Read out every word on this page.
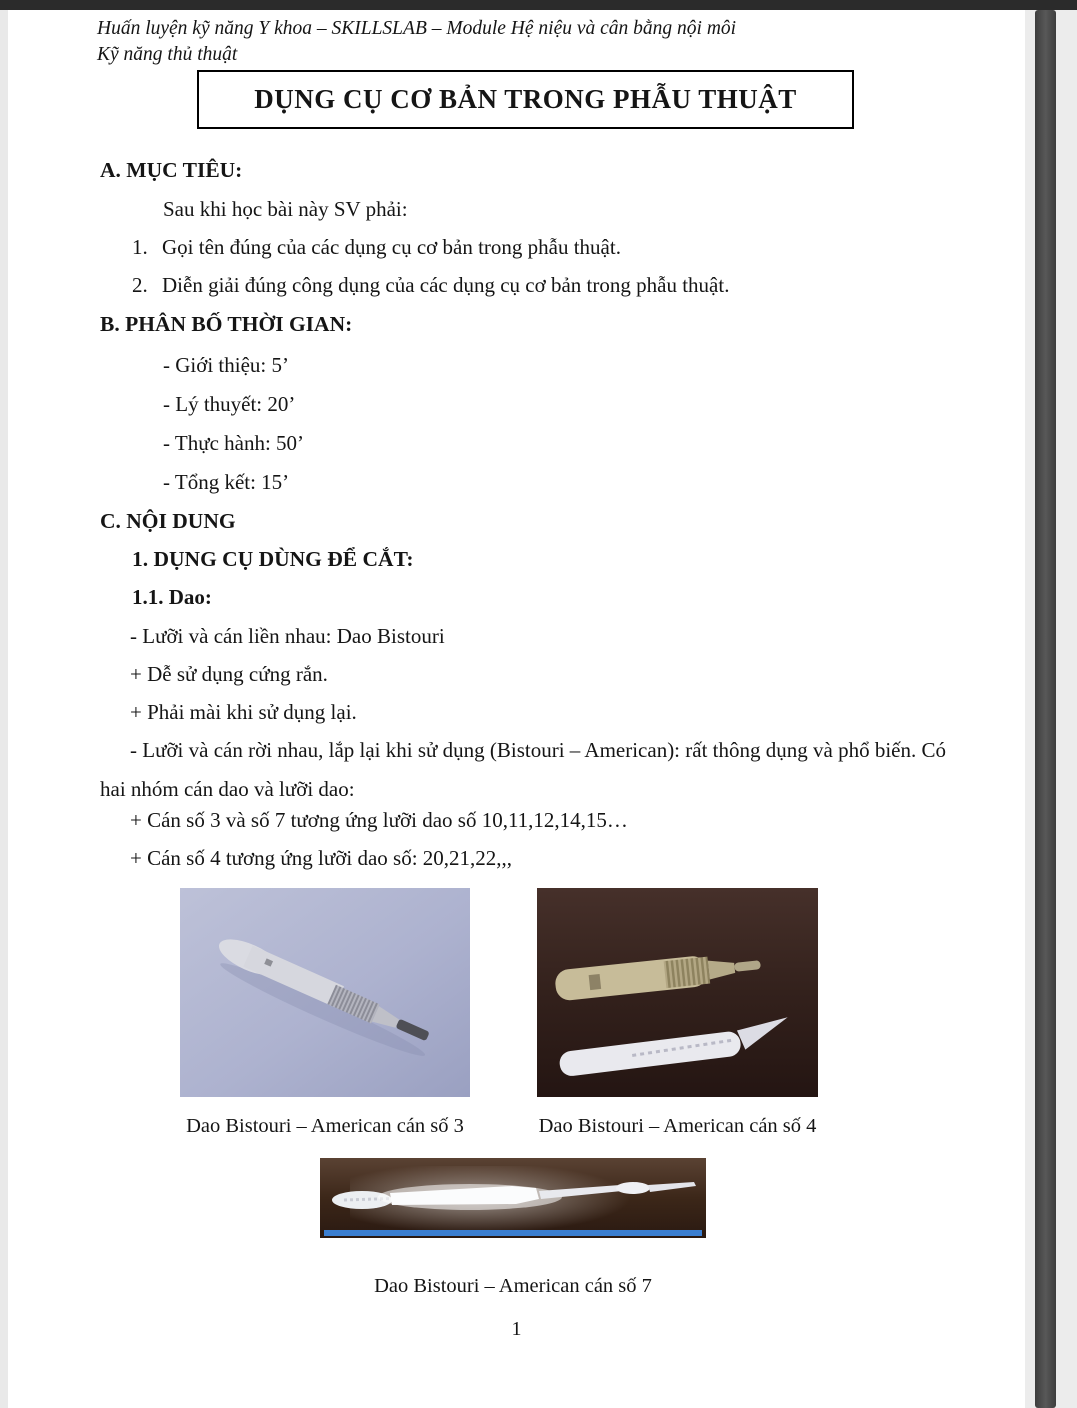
Huấn luyện kỹ năng Y khoa – SKILLSLAB – Module Hệ niệu và cân bằng nội môi
Kỹ năng thủ thuật
DỤNG CỤ CƠ BẢN TRONG PHẪU THUẬT
A. MỤC TIÊU:
Sau khi học bài này SV phải:
1. Gọi tên đúng của các dụng cụ cơ bản trong phẫu thuật.
2. Diễn giải đúng công dụng của các dụng cụ cơ bản trong phẫu thuật.
B. PHÂN BỐ THỜI GIAN:
- Giới thiệu: 5’
- Lý thuyết: 20’
- Thực hành: 50’
- Tổng kết: 15’
C. NỘI DUNG
1. DỤNG CỤ DÙNG ĐỂ CẮT:
1.1. Dao:
- Lưỡi và cán liền nhau: Dao Bistouri
+ Dễ sử dụng cứng rắn.
+ Phải mài khi sử dụng lại.
- Lưỡi và cán rời nhau, lắp lại khi sử dụng (Bistouri – American): rất thông dụng và phổ biến. Có hai nhóm cán dao và lưỡi dao:
+ Cán số 3 và số 7 tương ứng lưỡi dao số 10,11,12,14,15…
+ Cán số 4 tương ứng lưỡi dao số: 20,21,22,,,
Dao Bistouri – American cán số 3	Dao Bistouri – American cán số 4
Dao Bistouri – American cán số 7
1
